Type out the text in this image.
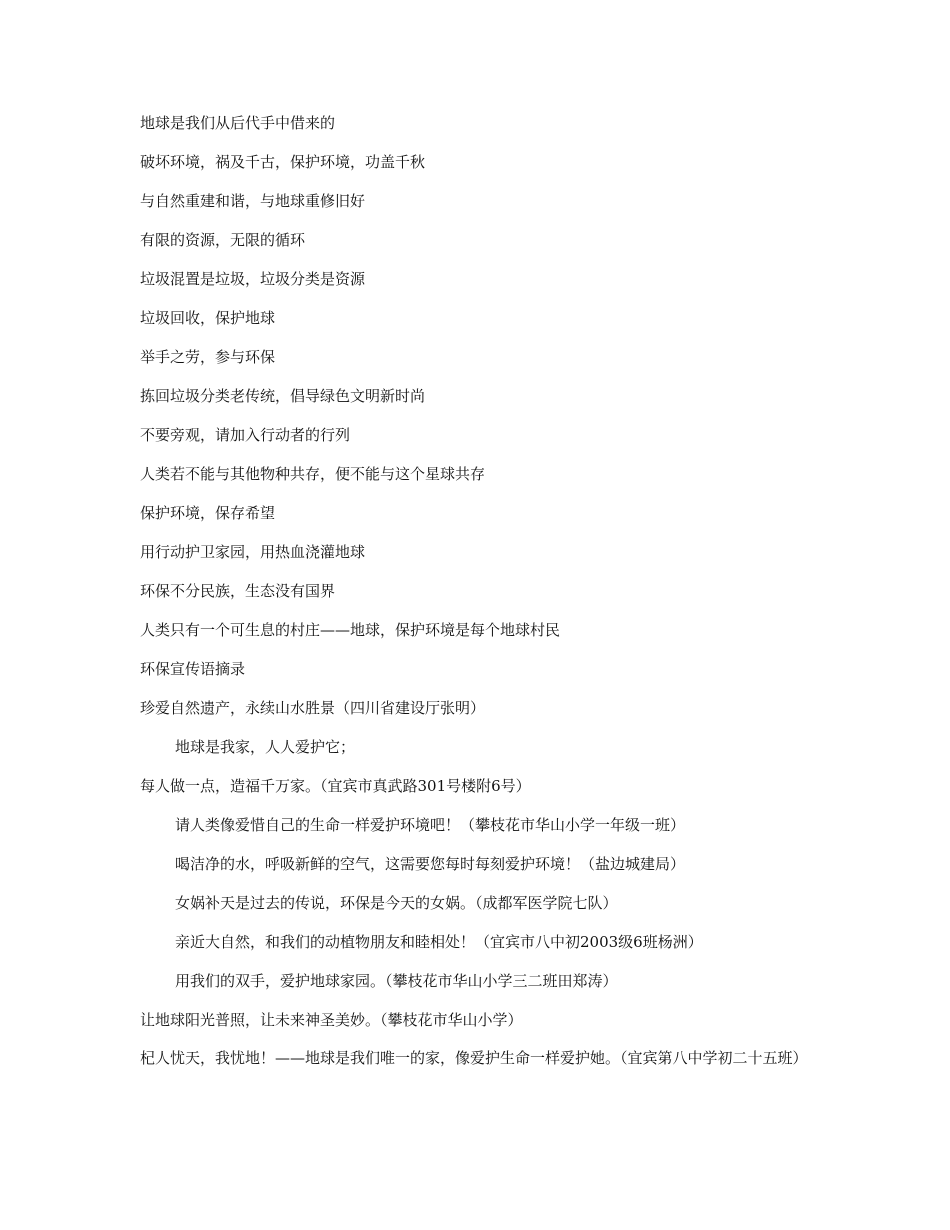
地球是我们从后代手中借来的
破坏环境，祸及千古，保护环境，功盖千秋
与自然重建和谐，与地球重修旧好
有限的资源，无限的循环
垃圾混置是垃圾，垃圾分类是资源
垃圾回收，保护地球
举手之劳，参与环保
拣回垃圾分类老传统，倡导绿色文明新时尚
不要旁观，请加入行动者的行列
人类若不能与其他物种共存，便不能与这个星球共存
保护环境，保存希望
用行动护卫家园，用热血浇灌地球
环保不分民族，生态没有国界
人类只有一个可生息的村庄——地球，保护环境是每个地球村民
环保宣传语摘录
珍爱自然遗产，永续山水胜景（四川省建设厅张明）
地球是我家，人人爱护它；
每人做一点，造福千万家。（宜宾市真武路301号楼附6号）
请人类像爱惜自己的生命一样爱护环境吧！（攀枝花市华山小学一年级一班）
喝洁净的水，呼吸新鲜的空气，这需要您每时每刻爱护环境！（盐边城建局）
女娲补天是过去的传说，环保是今天的女娲。（成都军医学院七队）
亲近大自然，和我们的动植物朋友和睦相处！（宜宾市八中初2003级6班杨洲）
用我们的双手，爱护地球家园。（攀枝花市华山小学三二班田郑涛）
让地球阳光普照，让未来神圣美妙。（攀枝花市华山小学）
杞人忧天，我忧地！——地球是我们唯一的家，像爱护生命一样爱护她。（宜宾第八中学初二十五班）
